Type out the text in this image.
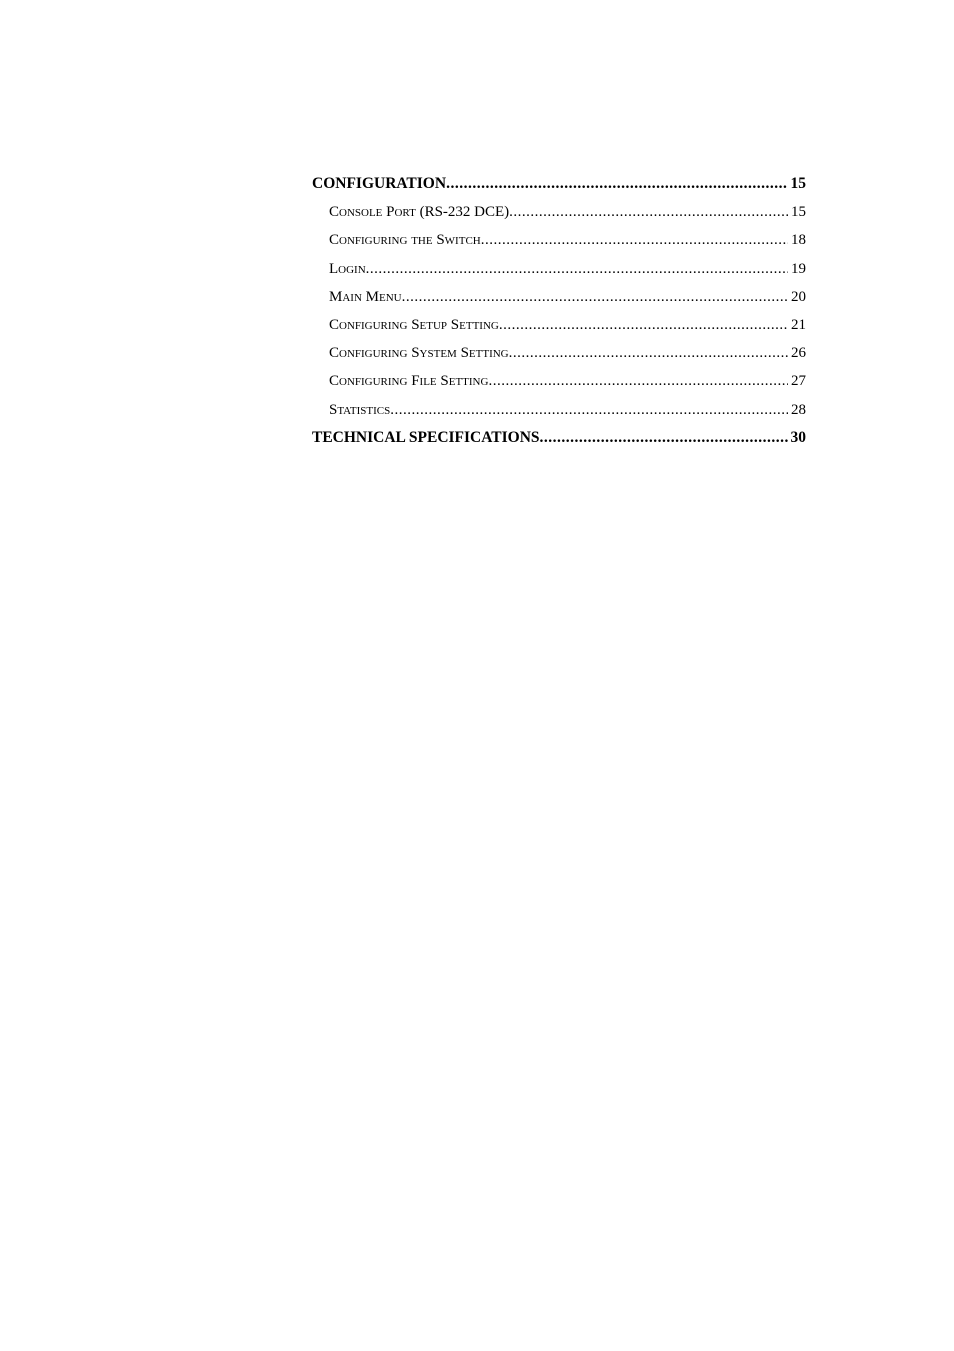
CONFIGURATION .....	15
Console Port (RS-232 DCE) .....	15
Configuring the Switch .....	18
Login .....	19
Main Menu .....	20
Configuring Setup Setting .....	21
Configuring System Setting .....	26
Configuring File Setting .....	27
Statistics .....	28
TECHNICAL SPECIFICATIONS .....	30
